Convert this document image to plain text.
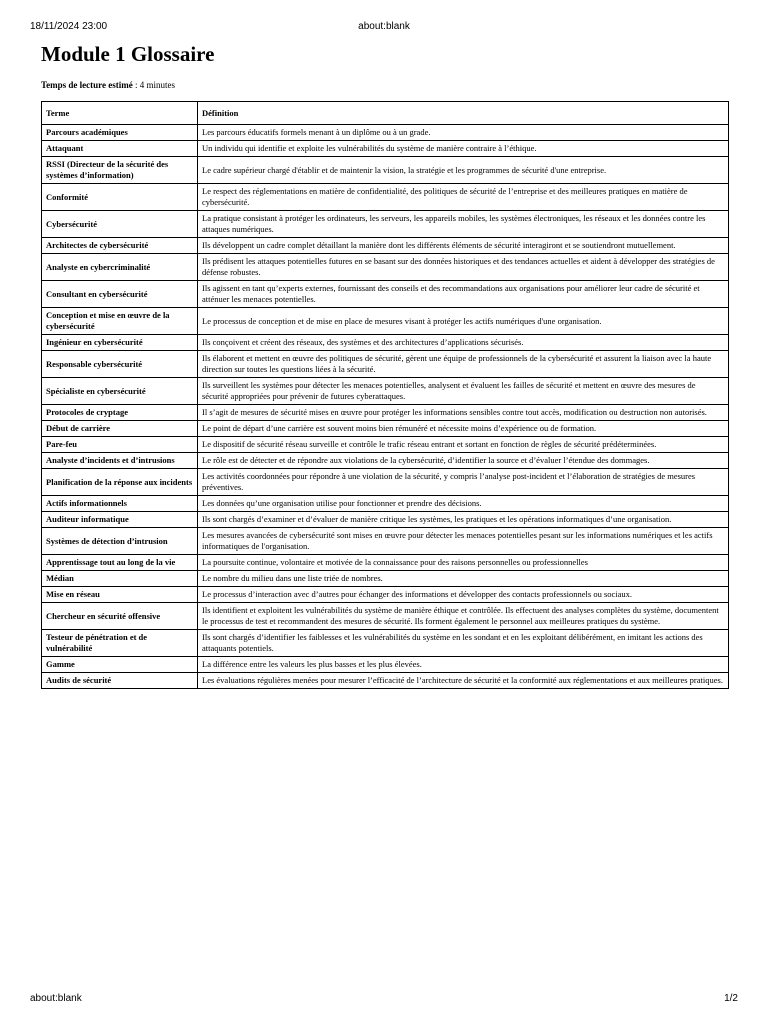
18/11/2024 23:00	about:blank
Module 1 Glossaire

Temps de lecture estimé : 4 minutes

Terme	Définition
Parcours académiques	Les parcours éducatifs formels menant à un diplôme ou à un grade.
Attaquant	Un individu qui identifie et exploite les vulnérabilités du système de manière contraire à l’éthique.
RSSI (Directeur de la sécurité des systèmes d’information)	Le cadre supérieur chargé d'établir et de maintenir la vision, la stratégie et les programmes de sécurité d'une entreprise.
Conformité	Le respect des réglementations en matière de confidentialité, des politiques de sécurité de l’entreprise et des meilleures pratiques en matière de cybersécurité.
Cybersécurité	La pratique consistant à protéger les ordinateurs, les serveurs, les appareils mobiles, les systèmes électroniques, les réseaux et les données contre les attaques numériques.
Architectes de cybersécurité	Ils développent un cadre complet détaillant la manière dont les différents éléments de sécurité interagiront et se soutiendront mutuellement.
Analyste en cybercriminalité	Ils prédisent les attaques potentielles futures en se basant sur des données historiques et des tendances actuelles et aident à développer des stratégies de défense robustes.
Consultant en cybersécurité	Ils agissent en tant qu’experts externes, fournissant des conseils et des recommandations aux organisations pour améliorer leur cadre de sécurité et atténuer les menaces potentielles.
Conception et mise en œuvre de la cybersécurité	Le processus de conception et de mise en place de mesures visant à protéger les actifs numériques d'une organisation.
Ingénieur en cybersécurité	Ils conçoivent et créent des réseaux, des systèmes et des architectures d’applications sécurisés.
Responsable cybersécurité	Ils élaborent et mettent en œuvre des politiques de sécurité, gèrent une équipe de professionnels de la cybersécurité et assurent la liaison avec la haute direction sur toutes les questions liées à la sécurité.
Spécialiste en cybersécurité	Ils surveillent les systèmes pour détecter les menaces potentielles, analysent et évaluent les failles de sécurité et mettent en œuvre des mesures de sécurité appropriées pour prévenir de futures cyberattaques.
Protocoles de cryptage	Il s’agit de mesures de sécurité mises en œuvre pour protéger les informations sensibles contre tout accès, modification ou destruction non autorisés.
Début de carrière	Le point de départ d’une carrière est souvent moins bien rémunéré et nécessite moins d’expérience ou de formation.
Pare-feu	Le dispositif de sécurité réseau surveille et contrôle le trafic réseau entrant et sortant en fonction de règles de sécurité prédéterminées.
Analyste d’incidents et d’intrusions	Le rôle est de détecter et de répondre aux violations de la cybersécurité, d’identifier la source et d’évaluer l’étendue des dommages.
Planification de la réponse aux incidents	Les activités coordonnées pour répondre à une violation de la sécurité, y compris l’analyse post-incident et l’élaboration de stratégies de mesures préventives.
Actifs informationnels	Les données qu’une organisation utilise pour fonctionner et prendre des décisions.
Auditeur informatique	Ils sont chargés d’examiner et d’évaluer de manière critique les systèmes, les pratiques et les opérations informatiques d’une organisation.
Systèmes de détection d’intrusion	Les mesures avancées de cybersécurité sont mises en œuvre pour détecter les menaces potentielles pesant sur les informations numériques et les actifs informatiques de l'organisation.
Apprentissage tout au long de la vie	La poursuite continue, volontaire et motivée de la connaissance pour des raisons personnelles ou professionnelles
Médian	Le nombre du milieu dans une liste triée de nombres.
Mise en réseau	Le processus d’interaction avec d’autres pour échanger des informations et développer des contacts professionnels ou sociaux.
Chercheur en sécurité offensive	Ils identifient et exploitent les vulnérabilités du système de manière éthique et contrôlée. Ils effectuent des analyses complètes du système, documentent le processus de test et recommandent des mesures de sécurité. Ils forment également le personnel aux meilleures pratiques du système.
Testeur de pénétration et de vulnérabilité	Ils sont chargés d’identifier les faiblesses et les vulnérabilités du système en les sondant et en les exploitant délibérément, en imitant les actions des attaquants potentiels.
Gamme	La différence entre les valeurs les plus basses et les plus élevées.
Audits de sécurité	Les évaluations régulières menées pour mesurer l’efficacité de l’architecture de sécurité et la conformité aux réglementations et aux meilleures pratiques.
about:blank	1/2
